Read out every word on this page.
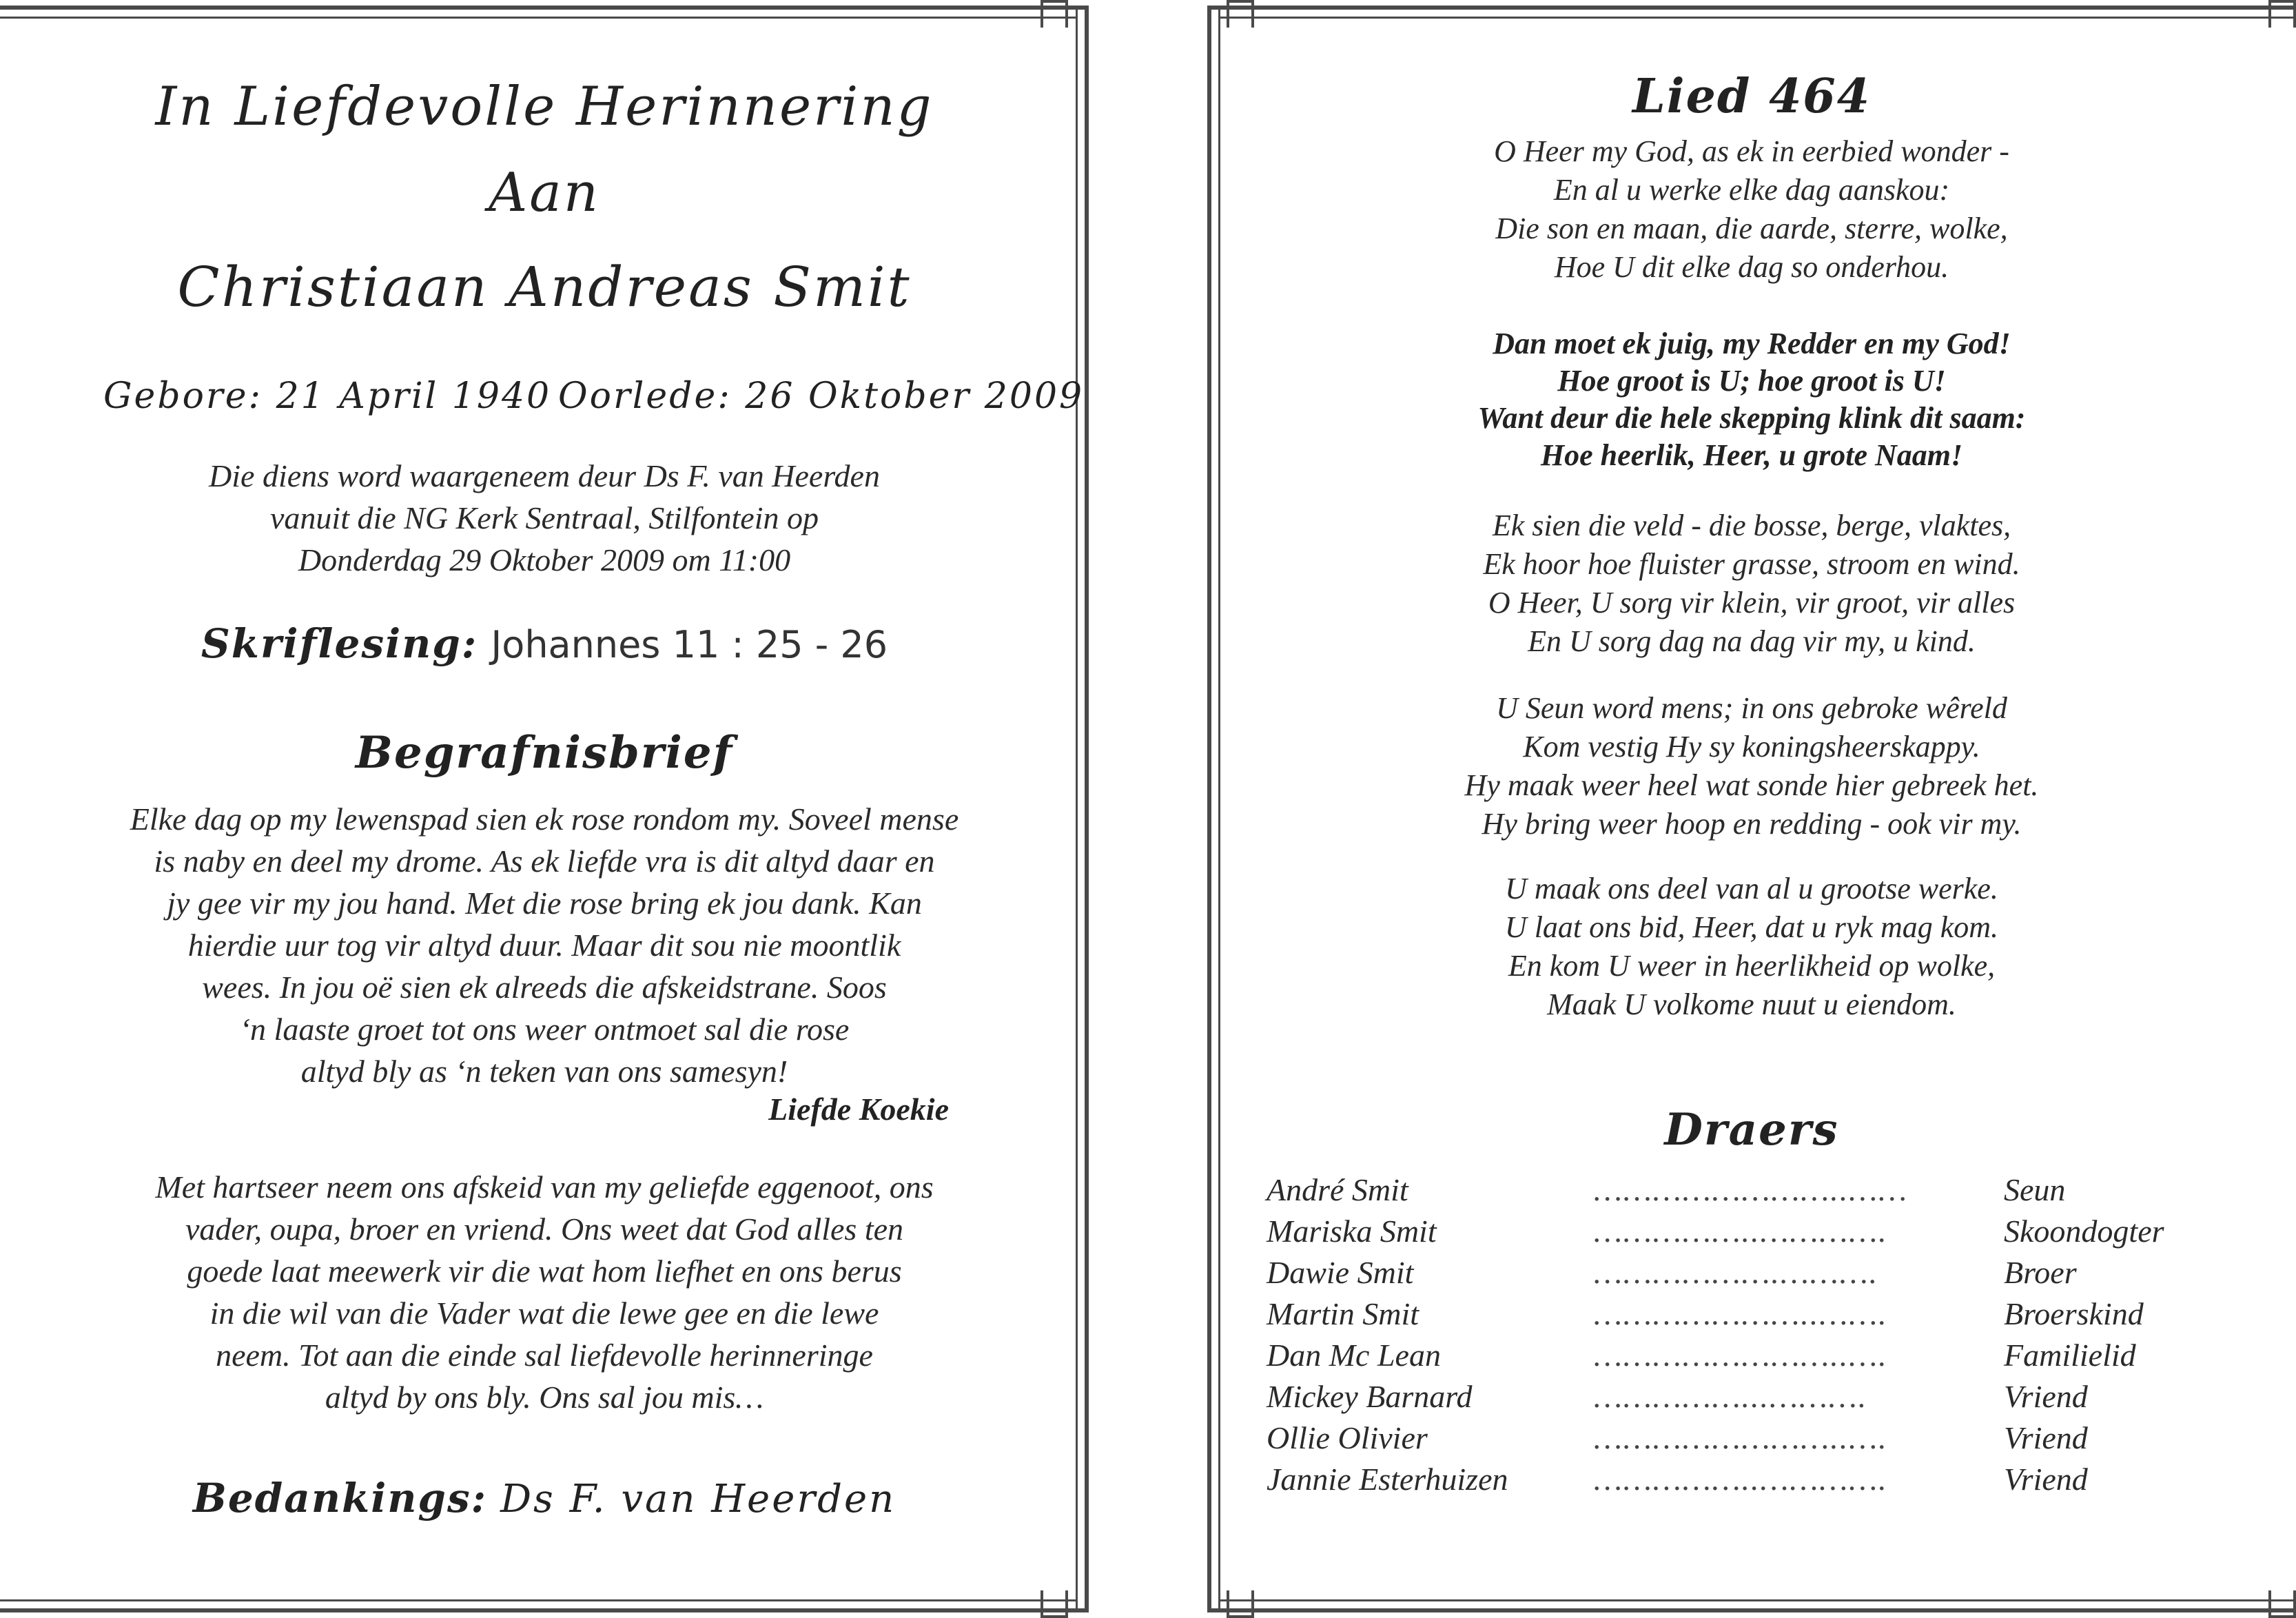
In Liefdevolle Herinnering
Aan
Christiaan Andreas Smit
Gebore: 21 April 1940 Oorlede: 26 Oktober 2009
Die diens word waargeneem deur Ds F. van Heerden
vanuit die NG Kerk Sentraal, Stilfontein op
Donderdag 29 Oktober 2009 om 11:00
Skriflesing: Johannes 11 : 25 - 26
Begrafnisbrief
Elke dag op my lewenspad sien ek rose rondom my. Soveel mense
is naby en deel my drome. As ek liefde vra is dit altyd daar en
jy gee vir my jou hand. Met die rose bring ek jou dank. Kan
hierdie uur tog vir altyd duur. Maar dit sou nie moontlik
wees. In jou oë sien ek alreeds die afskeidstrane. Soos
‘n laaste groet tot ons weer ontmoet sal die rose
altyd bly as ‘n teken van ons samesyn!
Liefde Koekie
Met hartseer neem ons afskeid van my geliefde eggenoot, ons
vader, oupa, broer en vriend. Ons weet dat God alles ten
goede laat meewerk vir die wat hom liefhet en ons berus
in die wil van die Vader wat die lewe gee en die lewe
neem. Tot aan die einde sal liefdevolle herinneringe
altyd by ons bly. Ons sal jou mis…
Bedankings: Ds F. van Heerden
Lied 464

O Heer my God, as ek in eerbied wonder -

En al u werke elke dag aanskou:

Die son en maan, die aarde, sterre, wolke,

Hoe U dit elke dag so onderhou.

Dan moet ek juig, my Redder en my God!

Hoe groot is U; hoe groot is U!

Want deur die hele skepping klink dit saam:

Hoe heerlik, Heer, u grote Naam!

Ek sien die veld - die bosse, berge, vlaktes,

Ek hoor hoe fluister grasse, stroom en wind.

O Heer, U sorg vir klein, vir groot, vir alles

En U sorg dag na dag vir my, u kind.

U Seun word mens; in ons gebroke wêreld

Kom vestig Hy sy koningsheerskappy.

Hy maak weer heel wat sonde hier gebreek het.

Hy bring weer hoop en redding - ook vir my.

U maak ons deel van al u grootse werke.

U laat ons bid, Heer, dat u ryk mag kom.

En kom U weer in heerlikheid op wolke,

Maak U volkome nuut u eiendom.

Draers
André Smit	……………………..……	Seun
Mariska Smit	……………..………….	Skoondogter
Dawie Smit	……………….……….	Broer
Martin Smit	…………………..…….	Broerskind
Dan Mc Lean	……………………..….	Familielid
Mickey Barnard	……………...……….	Vriend
Ollie Olivier	……………………..….	Vriend
Jannie Esterhuizen	……………..………….	Vriend
